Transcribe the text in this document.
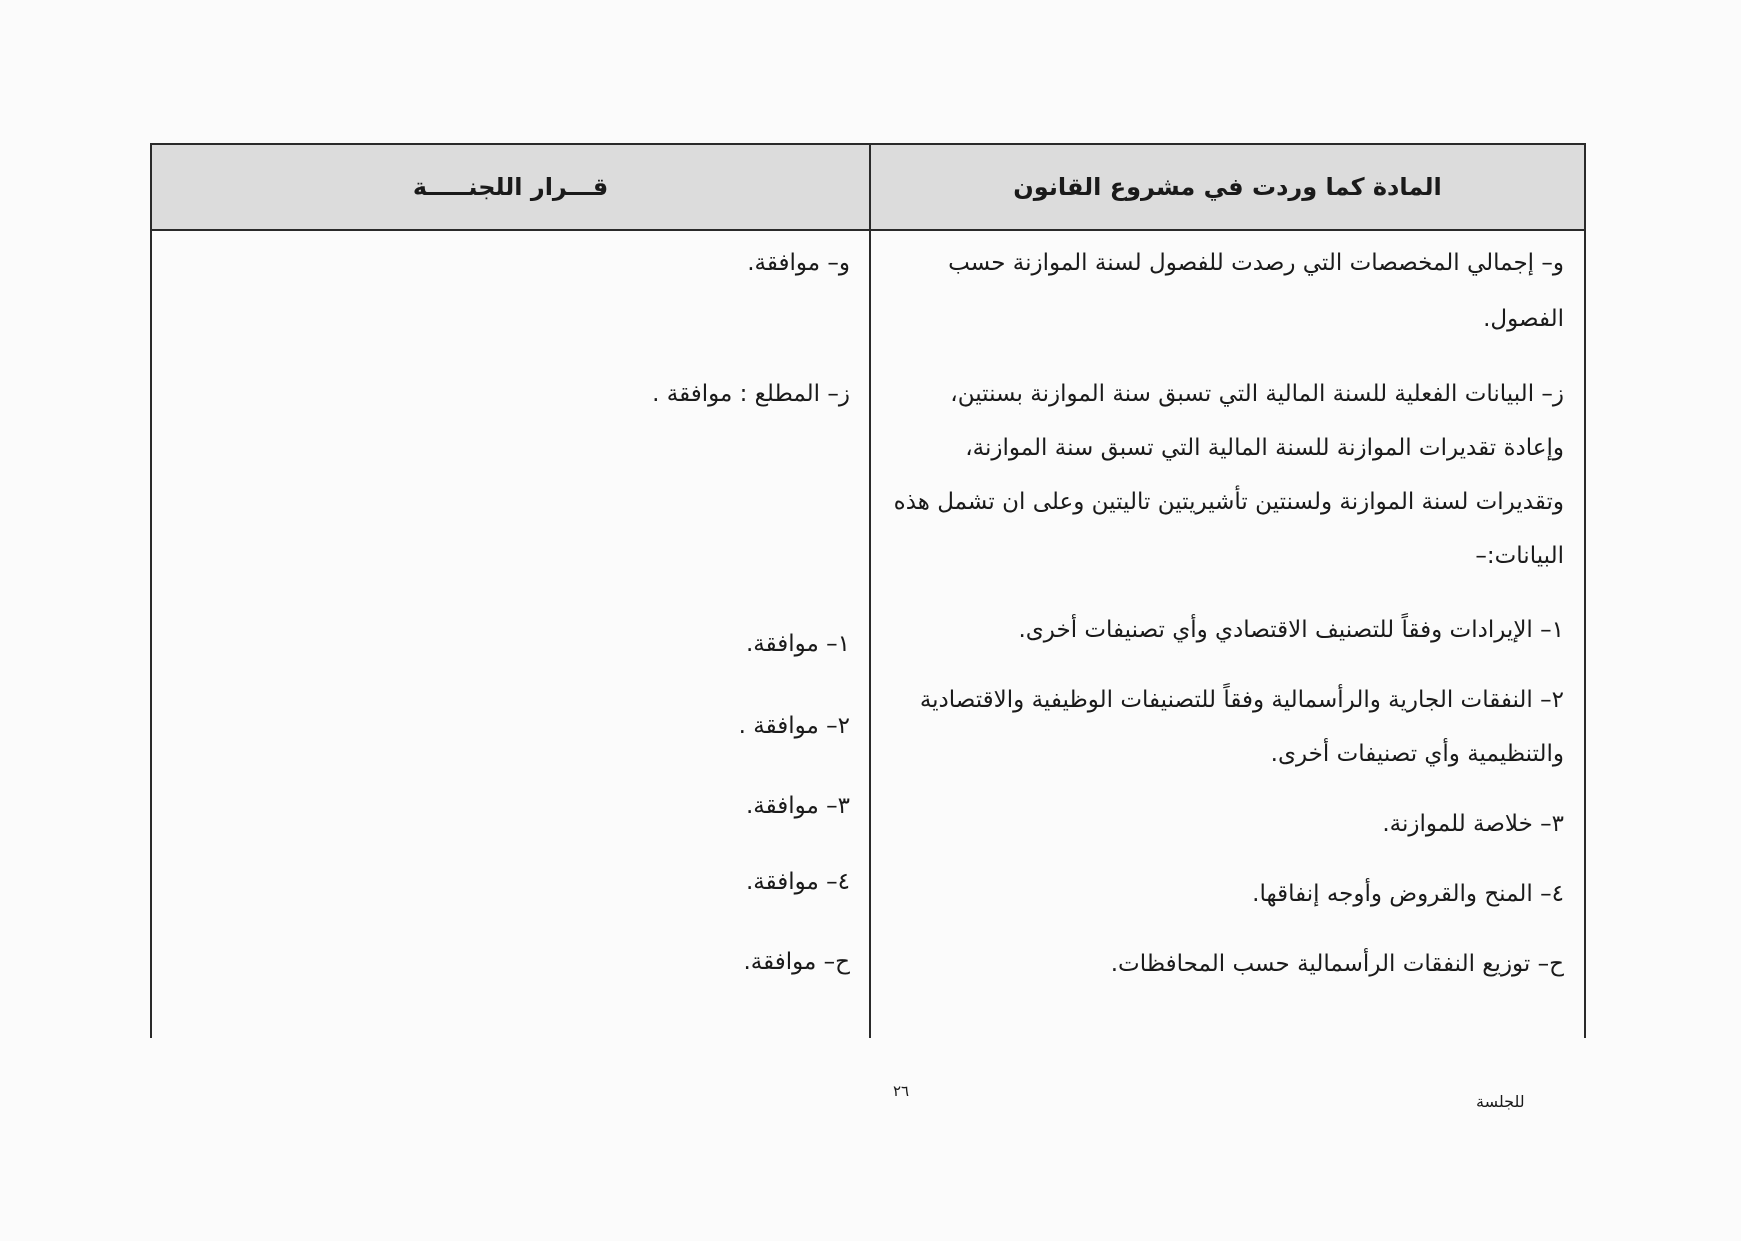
المادة كما وردت في مشروع القانون
قـــرار اللجنـــــة
و– إجمالي المخصصات التي رصدت للفصول لسنة الموازنة حسب
الفصول.
ز– البيانات الفعلية للسنة المالية التي تسبق سنة الموازنة بسنتين،
وإعادة تقديرات الموازنة للسنة المالية التي تسبق سنة الموازنة،
وتقديرات لسنة الموازنة ولسنتين تأشيريتين تاليتين وعلى ان تشمل هذه
البيانات:–
١– الإيرادات وفقاً للتصنيف الاقتصادي وأي تصنيفات أخرى.
٢– النفقات الجارية والرأسمالية وفقاً للتصنيفات الوظيفية والاقتصادية
والتنظيمية وأي تصنيفات أخرى.
٣– خلاصة للموازنة.
٤– المنح والقروض وأوجه إنفاقها.
ح– توزيع النفقات الرأسمالية حسب المحافظات.
و– موافقة.
ز– المطلع : موافقة .
١– موافقة.
٢– موافقة .
٣– موافقة.
٤– موافقة.
ح– موافقة.
٢٦
للجلسة
